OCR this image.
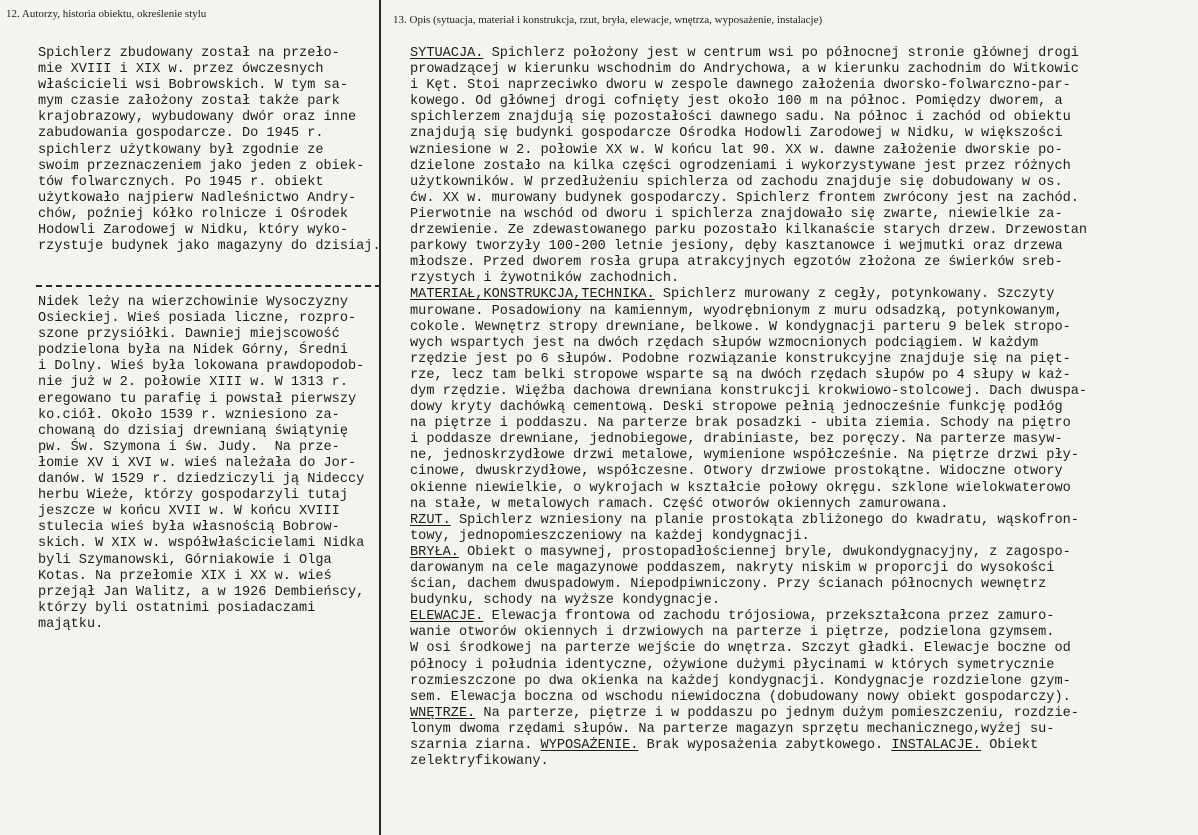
12. Autorzy, historia obiektu, określenie stylu	13. Opis (sytuacja, materiał i konstrukcja, rzut, bryła, elewacje, wnętrza, wyposażenie, instalacje)
Spichlerz zbudowany został na przeło-
mie XVIII i XIX w. przez ówczesnych
właścicieli wsi Bobrowskich. W tym sa-
mym czasie założony został także park
krajobrazowy, wybudowany dwór oraz inne
zabudowania gospodarcze. Do 1945 r.
spichlerz użytkowany był zgodnie ze
swoim przeznaczeniem jako jeden z obiek-
tów folwarcznych. Po 1945 r. obiekt
użytkowało najpierw Nadleśnictwo Andry-
chów, poźniej kółko rolnicze i Ośrodek
Hodowli Zarodowej w Nidku, który wyko-
rzystuje budynek jako magazyny do dzisiaj.
Nidek leży na wierzchowinie Wysoczyzny
Osieckiej. Wieś posiada liczne, rozpro-
szone przysiółki. Dawniej miejscowość
podzielona była na Nidek Górny, Średni
i Dolny. Wieś była lokowana prawdopodob-
nie już w 2. połowie XIII w. W 1313 r.
eregowano tu parafię i powstał pierwszy
ko.ciół. Około 1539 r. wzniesiono za-
chowaną do dzisiaj drewnianą świątynię
pw. Św. Szymona i św. Judy.  Na prze-
łomie XV i XVI w. wieś należała do Jor-
danów. W 1529 r. dziedziczyli ją Nideccy
herbu Wieże, którzy gospodarzyli tutaj
jeszcze w końcu XVII w. W końcu XVIII
stulecia wieś była własnością Bobrow-
skich. W XIX w. współwłaścicielami Nidka
byli Szymanowski, Górniakowie i Olga
Kotas. Na przełomie XIX i XX w. wieś
przejął Jan Walitz, a w 1926 Dembieńscy,
którzy byli ostatnimi posiadaczami
majątku.
SYTUACJA. Spichlerz położony jest w centrum wsi po północnej stronie głównej drogi
prowadzącej w kierunku wschodnim do Andrychowa, a w kierunku zachodnim do Witkowic
i Kęt. Stoi naprzeciwko dworu w zespole dawnego założenia dworsko-folwarczno-par-
kowego. Od głównej drogi cofnięty jest około 100 m na północ. Pomiędzy dworem, a
spichlerzem znajdują się pozostałości dawnego sadu. Na północ i zachód od obiektu
znajdują się budynki gospodarcze Ośrodka Hodowli Zarodowej w Nidku, w większości
wzniesione w 2. połowie XX w. W końcu lat 90. XX w. dawne założenie dworskie po-
dzielone zostało na kilka części ogrodzeniami i wykorzystywane jest przez różnych
użytkowników. W przedłużeniu spichlerza od zachodu znajduje się dobudowany w os.
ćw. XX w. murowany budynek gospodarczy. Spichlerz frontem zwrócony jest na zachód.
Pierwotnie na wschód od dworu i spichlerza znajdowało się zwarte, niewielkie za-
drzewienie. Ze zdewastowanego parku pozostało kilkanaście starych drzew. Drzewostan
parkowy tworzyły 100-200 letnie jesiony, dęby kasztanowce i wejmutki oraz drzewa
młodsze. Przed dworem rosła grupa atrakcyjnych egzotów złożona ze świerków sreb-
rzystych i żywotników zachodnich.
MATERIAŁ,KONSTRUKCJA,TECHNIKA. Spichlerz murowany z cegły, potynkowany. Szczyty
murowane. Posadowiony na kamiennym, wyodrębnionym z muru odsadzką, potynkowanym,
cokole. Wewnętrz stropy drewniane, belkowe. W kondygnacji parteru 9 belek stropo-
wych wspartych jest na dwóch rzędach słupów wzmocnionych podciągiem. W każdym
rzędzie jest po 6 słupów. Podobne rozwiązanie konstrukcyjne znajduje się na pięt-
rze, lecz tam belki stropowe wsparte są na dwóch rzędach słupów po 4 słupy w każ-
dym rzędzie. Więźba dachowa drewniana konstrukcji krokwiowo-stolcowej. Dach dwuspa-
dowy kryty dachówką cementową. Deski stropowe pełnią jednocześnie funkcję podłóg
na piętrze i poddaszu. Na parterze brak posadzki - ubita ziemia. Schody na piętro
i poddasze drewniane, jednobiegowe, drabiniaste, bez poręczy. Na parterze masyw-
ne, jednoskrzydłowe drzwi metalowe, wymienione współcześnie. Na piętrze drzwi pły-
cinowe, dwuskrzydłowe, współczesne. Otwory drzwiowe prostokątne. Widoczne otwory
okienne niewielkie, o wykrojach w kształcie połowy okręgu. szklone wielokwaterowo
na stałe, w metalowych ramach. Część otworów okiennych zamurowana.
RZUT. Spichlerz wzniesiony na planie prostokąta zbliżonego do kwadratu, wąskofron-
towy, jednopomieszczeniowy na każdej kondygnacji.
BRYŁA. Obiekt o masywnej, prostopadłościennej bryle, dwukondygnacyjny, z zagospo-
darowanym na cele magazynowe poddaszem, nakryty niskim w proporcji do wysokości
ścian, dachem dwuspadowym. Niepodpiwniczony. Przy ścianach północnych wewnętrz
budynku, schody na wyższe kondygnacje.
ELEWACJE. Elewacja frontowa od zachodu trójosiowa, przekształcona przez zamuro-
wanie otworów okiennych i drzwiowych na parterze i piętrze, podzielona gzymsem.
W osi środkowej na parterze wejście do wnętrza. Szczyt gładki. Elewacje boczne od
północy i południa identyczne, ożywione dużymi płycinami w których symetrycznie
rozmieszczone po dwa okienka na każdej kondygnacji. Kondygnacje rozdzielone gzym-
sem. Elewacja boczna od wschodu niewidoczna (dobudowany nowy obiekt gospodarczy).
WNĘTRZE. Na parterze, piętrze i w poddaszu po jednym dużym pomieszczeniu, rozdzie-
lonym dwoma rzędami słupów. Na parterze magazyn sprzętu mechanicznego,wyżej su-
szarnia ziarna. WYPOSAŻENIE. Brak wyposażenia zabytkowego. INSTALACJE. Obiekt
zelektryfikowany.
